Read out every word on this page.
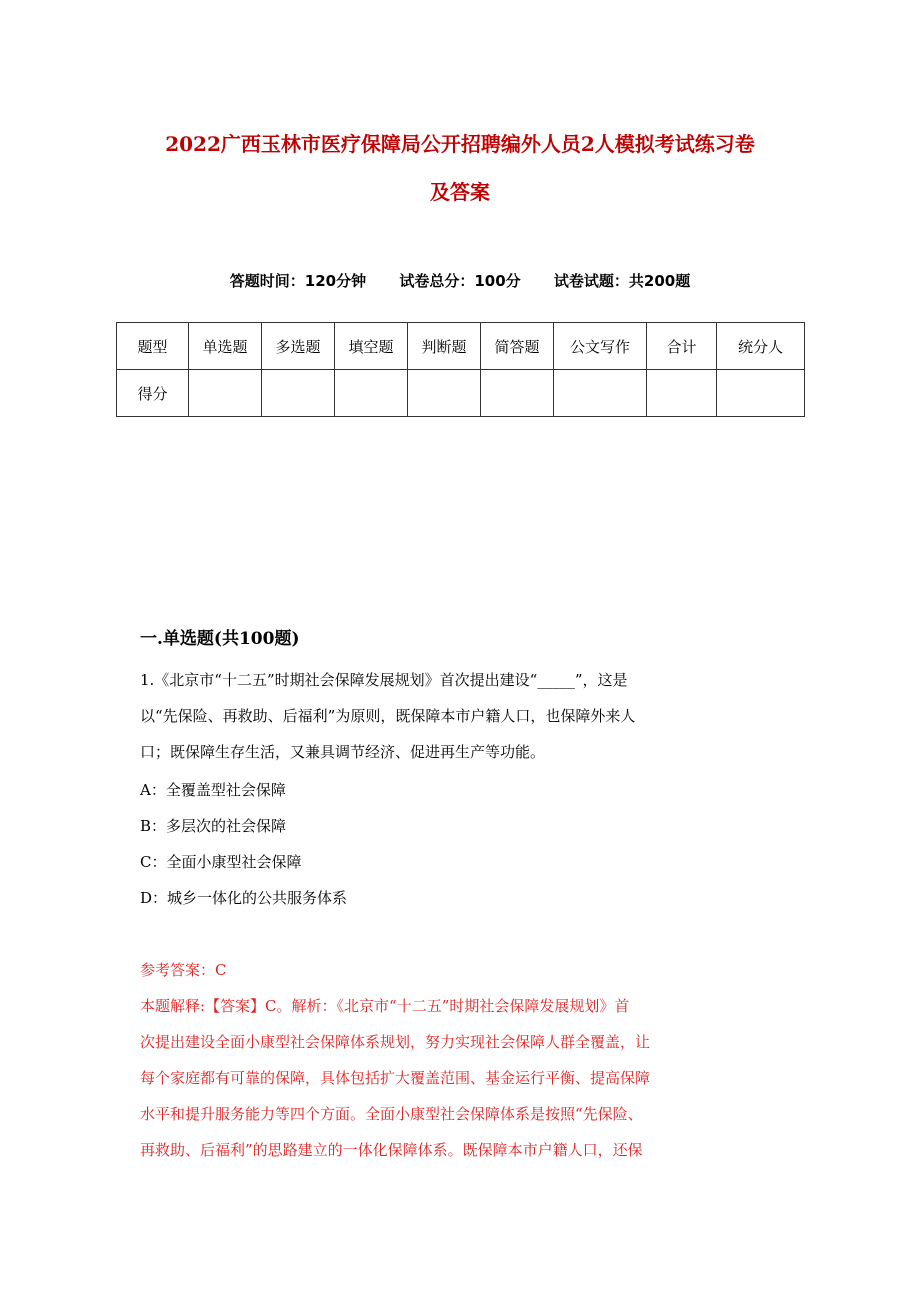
2022广西玉林市医疗保障局公开招聘编外人员2人模拟考试练习卷
及答案
答题时间：120分钟 试卷总分：100分 试卷试题：共200题
题型	单选题	多选题	填空题	判断题	简答题	公文写作	合计	统分人
得分								
一.单选题(共100题)

1.《北京市“十二五”时期社会保障发展规划》首次提出建设“_____”，这是

以“先保险、再救助、后福利”为原则，既保障本市户籍人口，也保障外来人

口；既保障生存生活，又兼具调节经济、促进再生产等功能。

A：全覆盖型社会保障
B：多层次的社会保障
C：全面小康型社会保障
D：城乡一体化的公共服务体系
参考答案：C

本题解释:【答案】C。解析：《北京市“十二五”时期社会保障发展规划》首

次提出建设全面小康型社会保障体系规划，努力实现社会保障人群全覆盖，让

每个家庭都有可靠的保障，具体包括扩大覆盖范围、基金运行平衡、提高保障

水平和提升服务能力等四个方面。全面小康型社会保障体系是按照“先保险、

再救助、后福利”的思路建立的一体化保障体系。既保障本市户籍人口，还保
